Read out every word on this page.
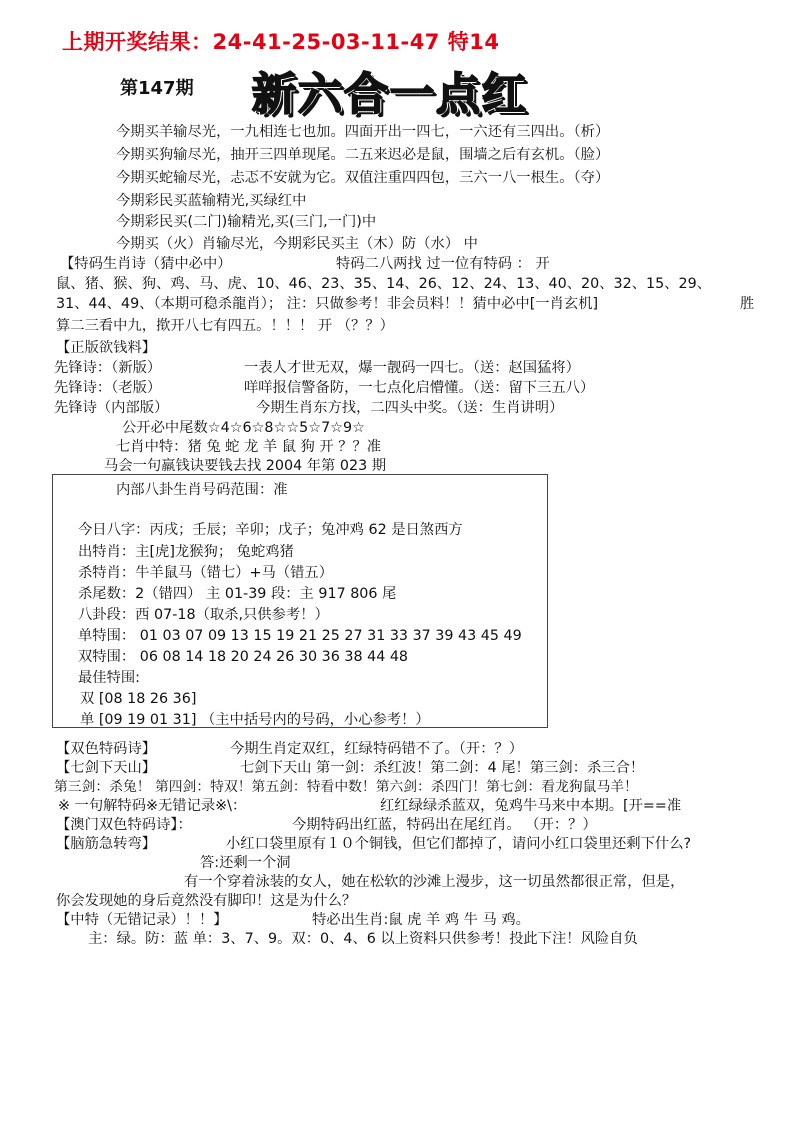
上期开奖结果：24-41-25-03-11-47 特14
第147期 新六合一点红
今期买羊输尽光，一九相连七也加。四面开出一四七，一六还有三四出。（析）
今期买狗输尽光，抽开三四单现尾。二五来迟必是鼠，围墙之后有玄机。（脸）
今期买蛇输尽光，忐忑不安就为它。双值注重四四包，三六一八一根生。（夺）
今期彩民买蓝输精光,买绿红中
今期彩民买(二门)输精光,买(三门,一门)中
今期买（火）肖输尽光，今期彩民买主（木）防（水） 中
【特码生肖诗（猜中必中）	特码二八两找 过一位有特码 ： 开
鼠、猪、猴、狗、鸡、马、虎、10、46、23、35、14、26、12、24、13、40、20、32、15、29、
31、44、49、（本期可稳杀龍肖）； 注：只做参考！非会员料！！猜中必中[一肖玄机]	胜
算二三看中九，揿开八七有四五。！！！ 开 （？？）
【正版欲钱料】
先锋诗：（新版）	一表人才世无双，爆一靓码一四七。（送：赵国猛将）
先锋诗：（老版）	咩咩报信警备防，一七点化启懵懂。（送：留下三五八）
先锋诗（内部版）	今期生肖东方找，二四头中奖。（送：生肖讲明）
公开必中尾数☆4☆6☆8☆☆5☆7☆9☆
七肖中特：猪 兔 蛇 龙 羊 鼠 狗 开 ？？准
马会一句羸钱诀要钱去找 2004 年第 023 期
内部八卦生肖号码范围：准
今日八字：丙戌；壬辰；辛卯；戊子；兔冲鸡 62 是日煞西方
出特肖：主[虎]龙猴狗； 兔蛇鸡猪
杀特肖：牛羊鼠马（错七）+马（错五）
杀尾数：2（错四） 主 01-39 段：主 917 806 尾
八卦段：西 07-18（取杀,只供参考！）
单特围： 01 03 07 09 13 15 19 21 25 27 31 33 37 39 43 45 49
双特围： 06 08 14 18 20 24 26 30 36 38 44 48
最佳特围:
双 [08 18 26 36]
单 [09 19 01 31] （主中括号内的号码，小心参考！）
【双色特码诗】	今期生肖定双红，红绿特码错不了。（开：？）
【七剑下天山】	七剑下天山 第一剑：杀红波！第二剑：4 尾！第三剑：杀三合！
第三剑：杀兔！ 第四剑：特双！第五剑：特看中数！第六剑：杀四门！第七剑：看龙狗鼠马羊！
※ 一句解特码※无错记录※\：	红红绿绿杀蓝双，兔鸡牛马来中本期。[开==准
【澳门双色特码诗】：	今期特码出红蓝，特码出在尾红肖。 （开：？）
【脑筋急转弯】	小红口袋里原有１０个铜钱，但它们都掉了，请问小红口袋里还剩下什么?
答:还剩一个洞
有一个穿着泳装的女人，她在松软的沙滩上漫步，这一切虽然都很正常，但是，
你会发现她的身后竟然没有脚印！这是为什么？
【中特（无错记录）！！】	特必出生肖:鼠 虎 羊 鸡 牛 马 鸡。
主：绿。防：蓝 单：3、7、9。双：0、4、6 以上资料只供参考！投此下注！风险自负
